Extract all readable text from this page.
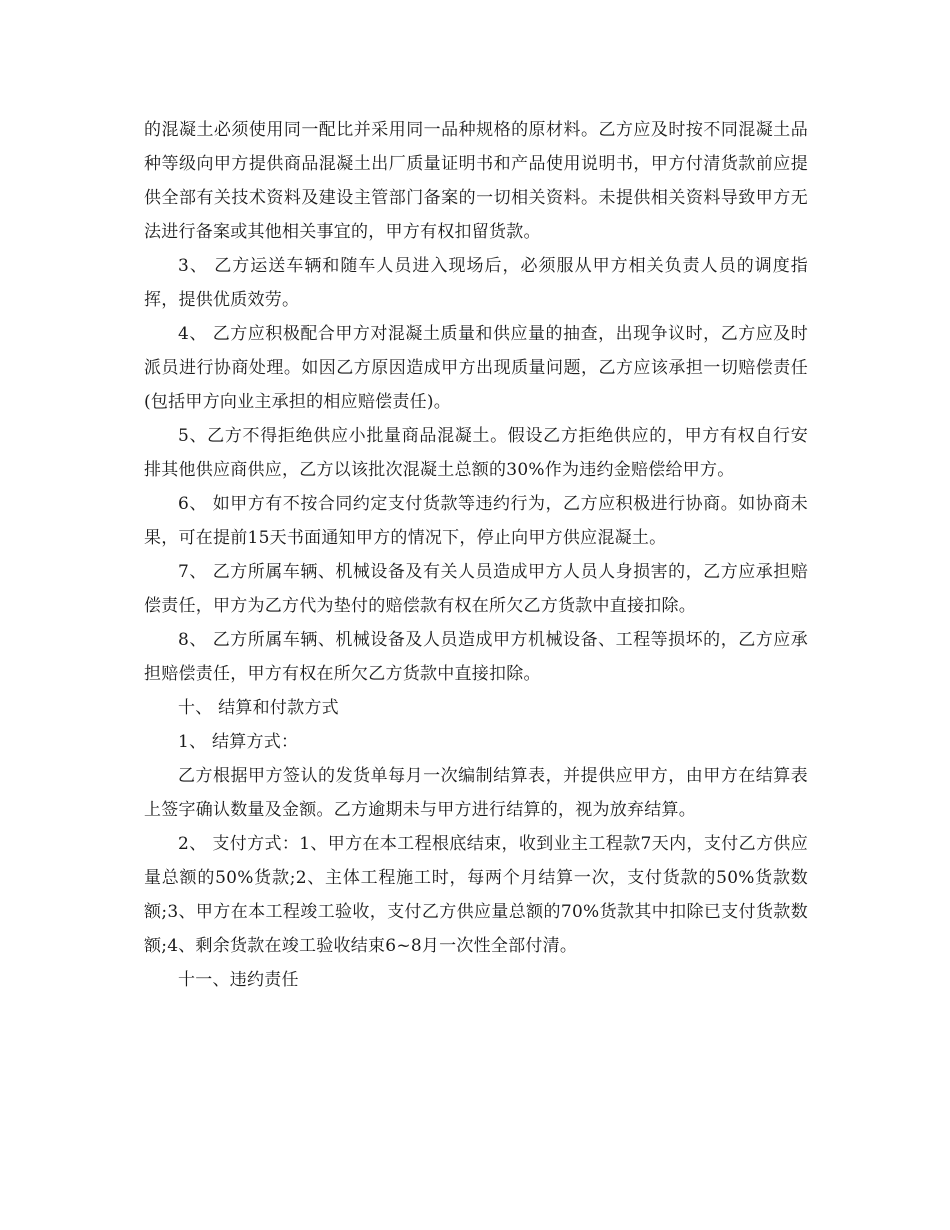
的混凝土必须使用同一配比并采用同一品种规格的原材料。乙方应及时按不同混凝土品种等级向甲方提供商品混凝土出厂质量证明书和产品使用说明书，甲方付清货款前应提供全部有关技术资料及建设主管部门备案的一切相关资料。未提供相关资料导致甲方无法进行备案或其他相关事宜的，甲方有权扣留货款。

3、 乙方运送车辆和随车人员进入现场后，必须服从甲方相关负责人员的调度指挥，提供优质效劳。

4、 乙方应积极配合甲方对混凝土质量和供应量的抽查，出现争议时，乙方应及时派员进行协商处理。如因乙方原因造成甲方出现质量问题，乙方应该承担一切赔偿责任(包括甲方向业主承担的相应赔偿责任)。

5、乙方不得拒绝供应小批量商品混凝土。假设乙方拒绝供应的，甲方有权自行安排其他供应商供应，乙方以该批次混凝土总额的30%作为违约金赔偿给甲方。

6、 如甲方有不按合同约定支付货款等违约行为，乙方应积极进行协商。如协商未果，可在提前15天书面通知甲方的情况下，停止向甲方供应混凝土。

7、 乙方所属车辆、机械设备及有关人员造成甲方人员人身损害的，乙方应承担赔偿责任，甲方为乙方代为垫付的赔偿款有权在所欠乙方货款中直接扣除。

8、 乙方所属车辆、机械设备及人员造成甲方机械设备、工程等损坏的，乙方应承担赔偿责任，甲方有权在所欠乙方货款中直接扣除。

十、 结算和付款方式

1、 结算方式：

乙方根据甲方签认的发货单每月一次编制结算表，并提供应甲方，由甲方在结算表上签字确认数量及金额。乙方逾期未与甲方进行结算的，视为放弃结算。

2、 支付方式：1、甲方在本工程根底结束，收到业主工程款7天内，支付乙方供应量总额的50%货款;2、主体工程施工时，每两个月结算一次，支付货款的50%货款数额;3、甲方在本工程竣工验收，支付乙方供应量总额的70%货款其中扣除已支付货款数额;4、剩余货款在竣工验收结束6~8月一次性全部付清。

十一、违约责任
